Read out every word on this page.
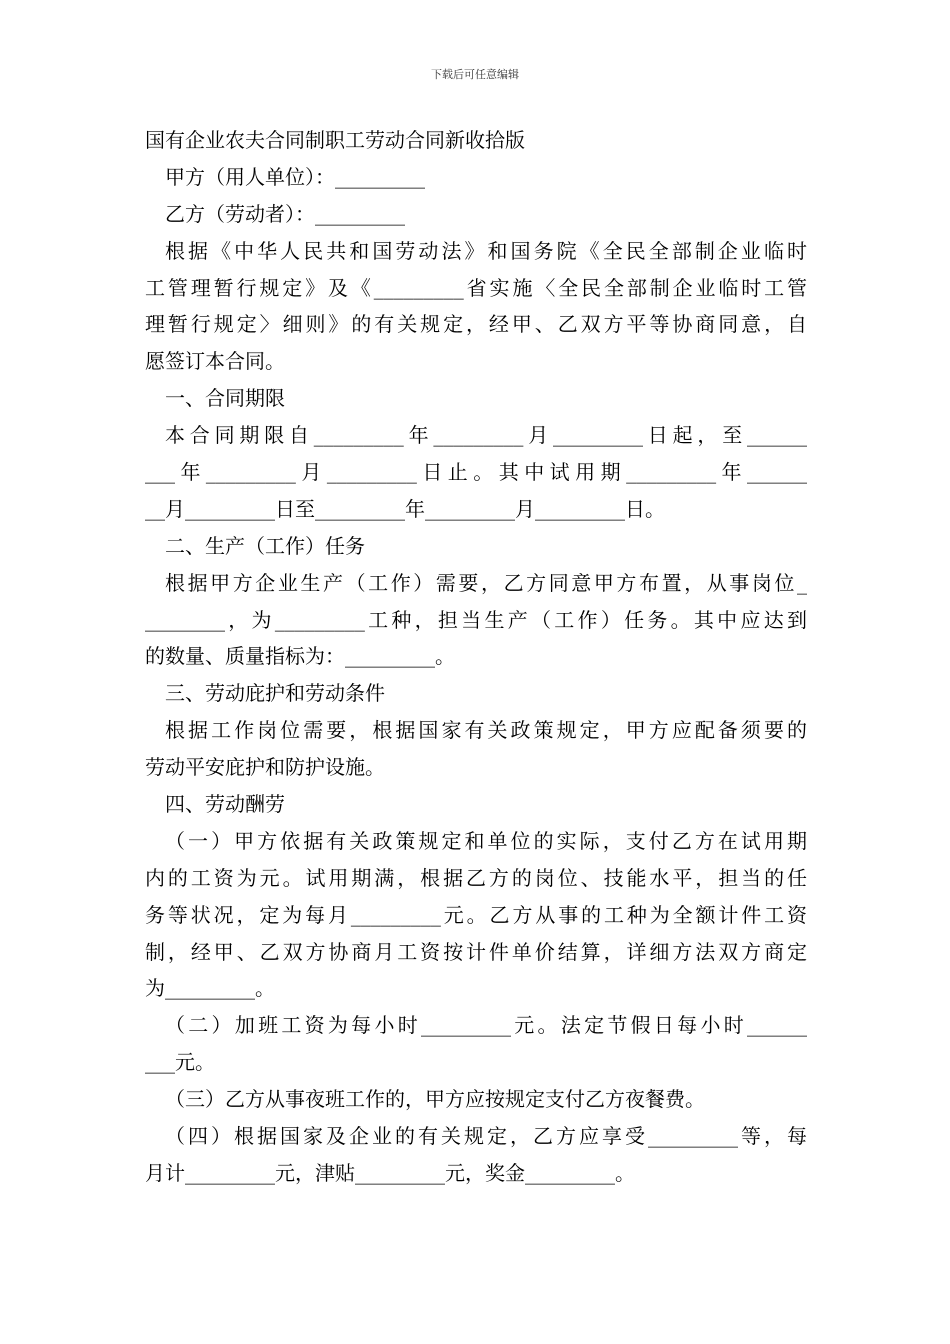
下载后可任意编辑
国有企业农夫合同制职工劳动合同新收拾版
甲方（用人单位）：_________
乙方（劳动者）：_________
根据《中华人民共和国劳动法》和国务院《全民全部制企业临时
工管理暂行规定》及《_________省实施〈全民全部制企业临时工管
理暂行规定〉细则》的有关规定，经甲、乙双方平等协商同意，自
愿签订本合同。
一、合同期限
本合同期限自_________年_________月_________日起，至______
___年_________月_________日止。其中试用期_________年______
__月_________日至_________年_________月_________日。
二、生产（工作）任务
根据甲方企业生产（工作）需要，乙方同意甲方布置，从事岗位_
________，为_________工种，担当生产（工作）任务。其中应达到
的数量、质量指标为：_________。
三、劳动庇护和劳动条件
根据工作岗位需要，根据国家有关政策规定，甲方应配备须要的
劳动平安庇护和防护设施。
四、劳动酬劳
（一）甲方依据有关政策规定和单位的实际，支付乙方在试用期
内的工资为元。试用期满，根据乙方的岗位、技能水平，担当的任
务等状况，定为每月_________元。乙方从事的工种为全额计件工资
制，经甲、乙双方协商月工资按计件单价结算，详细方法双方商定
为_________。
（二）加班工资为每小时_________元。法定节假日每小时______
___元。
（三）乙方从事夜班工作的，甲方应按规定支付乙方夜餐费。
（四）根据国家及企业的有关规定，乙方应享受_________等，每
月计_________元，津贴_________元，奖金_________。
